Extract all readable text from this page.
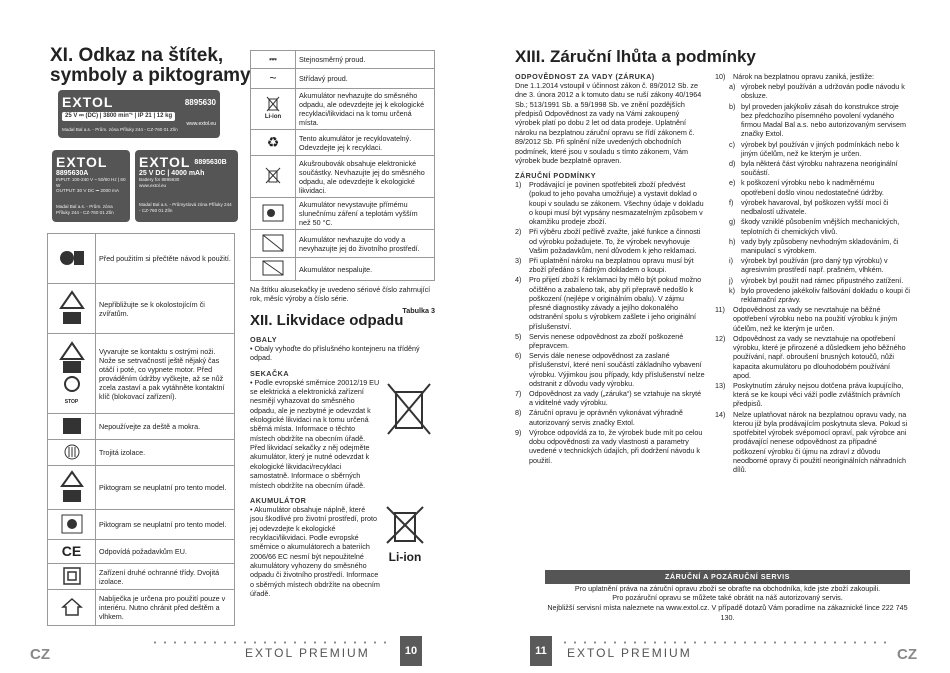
XI. Odkaz na štítek, symboly a piktogramy
EXTOL	8895630
25 V ⎓ (DC) | 3800 min⁻¹ | IP 21 | 12 kg
www.extol.eu
Madal Bal a.s. - Prům. zóna Příluky 244 - CZ-760 01 Zlín
EXTOL
8895630A
INPUT: 100-240 V ~ 50/60 Hz | 60 W
OUTPUT: 30 V DC ⎓ 2000 mA
Madal Bal a.s. - Prům. zóna Příluky 244 - CZ-760 01 Zlín
EXTOL 8895630B
25 V DC | 4000 mAh
Battery for 8895630
www.extol.eu
Madal Bal a.s. - Průmyslová zóna Příluky 244 - CZ-760 01 Zlín
	Před použitím si přečtěte návod k použití.
	Nepřibližujte se k okolostojícím či zvířatům.

STOP	Vyvarujte se kontaktu s ostrými noži. Nože se setrvačností ještě nějaký čas otáčí i poté, co vypnete motor. Před prováděním údržby vyčkejte, až se nůž zcela zastaví a pak vytáhněte kontaktní klíč (blokovací zařízení).
	Nepoužívejte za deště a mokra.
	Trojitá izolace.
	Piktogram se neuplatní pro tento model.
	Piktogram se neuplatní pro tento model.
CE	Odpovídá požadavkům EU.
	Zařízení druhé ochranné třídy. Dvojitá izolace.
	Nabíječka je určena pro použití pouze v interiéru. Nutno chránit před deštěm a vlhkem.
⎓	Stejnosměrný proud.
~	Střídavý proud.

Li-ion	Akumulátor nevhazujte do směsného odpadu, ale odevzdejte jej k ekologické recyklaci/likvidaci na k tomu určená místa.
♻	Tento akumulátor je recyklovatelný. Odevzdejte jej k recyklaci.
	Akušroubovák obsahuje elektronické součástky. Nevhazujte jej do směsného odpadu, ale odevzdejte k ekologické likvidaci.
	Akumulátor nevystavujte přímému slunečnímu záření a teplotám vyšším než 50 °C.
	Akumulátor nevhazujte do vody a nevyhazujte jej do životního prostředí.
	Akumulátor nespalujte.
Na štítku akusekačky je uvedeno sériové číslo zahrnující rok, měsíc výroby a číslo série.
Tabulka 3
XII. Likvidace odpadu
OBALY
• Obaly vyhoďte do příslušného kontejneru na tříděný odpad.
SEKAČKA
• Podle evropské směrnice 20012/19 EU se elektrická a elektronická zařízení nesmějí vyhazovat do směsného odpadu, ale je nezbytné je odevzdat k ekologické likvidaci na k tomu určená sběrná místa. Informace o těchto místech obdržíte na obecním úřadě. Před likvidací sekačky z něj odejměte akumulátor, který je nutné odevzdat k ekologické likvidaci/recyklaci samostatně. Informace o sběrných místech obdržíte na obecním úřadě.
AKUMULÁTOR
• Akumulátor obsahuje náplně, které jsou škodlivé pro životní prostředí, proto jej odevzdejte k ekologické recyklaci/likvidaci. Podle evropské směrnice o akumulátorech a bateriích 2006/66 EC nesmí být nepoužitelné akumulátory vyhozeny do směsného odpadu či životního prostředí. Informace o sběrných místech obdržíte na obecním úřadě.
Li-ion
CZ	EXTOL PREMIUM	10
XIII. Záruční lhůta a podmínky
ODPOVĚDNOST ZA VADY (ZÁRUKA)
Dne 1.1.2014 vstoupil v účinnost zákon č. 89/2012 Sb. ze dne 3. února 2012 a k tomuto datu se ruší zákony 40/1964 Sb.; 513/1991 Sb. a 59/1998 Sb. ve znění pozdějších předpisů Odpovědnost za vady na Vámi zakoupený výrobek platí po dobu 2 let od data prodeje. Uplatnění nároku na bezplatnou záruční opravu se řídí zákonem č. 89/2012 Sb. Při splnění níže uvedených obchodních podmínek, které jsou v souladu s tímto zákonem, Vám výrobek bude bezplatně opraven.
ZÁRUČNÍ PODMÍNKY
1)	Prodávající je povinen spotřebiteli zboží předvést (pokud to jeho povaha umožňuje) a vystavit doklad o koupi v souladu se zákonem. Všechny údaje v dokladu o koupi musí být vypsány nesmazatelným způsobem v okamžiku prodeje zboží.
2)	Při výběru zboží pečlivě zvažte, jaké funkce a činnosti od výrobku požadujete. To, že výrobek nevyhovuje Vašim požadavkům, není důvodem k jeho reklamaci.
3)	Při uplatnění nároku na bezplatnou opravu musí být zboží předáno s řádným dokladem o koupi.
4)	Pro přijetí zboží k reklamaci by mělo být pokud možno očištěno a zabaleno tak, aby při přepravě nedošlo k poškození (nejlépe v originálním obalu). V zájmu přesné diagnostiky závady a jejího dokonalého odstranění spolu s výrobkem zašlete i jeho originální příslušenství.
5)	Servis nenese odpovědnost za zboží poškozené přepravcem.
6)	Servis dále nenese odpovědnost za zaslané příslušenství, které není součástí základního vybavení výrobku. Výjimkou jsou případy, kdy příslušenství nelze odstranit z důvodu vady výrobku.
7)	Odpovědnost za vady („záruka“) se vztahuje na skryté a viditelné vady výrobku.
8)	Záruční opravu je oprávněn vykonávat výhradně autorizovaný servis značky Extol.
9)	Výrobce odpovídá za to, že výrobek bude mít po celou dobu odpovědnosti za vady vlastnosti a parametry uvedené v technických údajích, při dodržení návodu k použití.
10)	Nárok na bezplatnou opravu zaniká, jestliže:
a) výrobek nebyl používán a udržován podle návodu k obsluze.
b) byl proveden jakýkoliv zásah do konstrukce stroje bez předchozího písemného povolení vydaného firmou Madal Bal a.s. nebo autorizovaným servisem značky Extol.
c) výrobek byl používán v jiných podmínkách nebo k jiným účelům, než ke kterým je určen.
d) byla některá část výrobku nahrazena neoriginální součástí.
e) k poškození výrobku nebo k nadměrnému opotřebení došlo vinou nedostatečné údržby.
f)	výrobek havaroval, byl poškozen vyšší mocí či nedbalostí uživatele.
g) škody vzniklé působením vnějších mechanických, teplotních či chemických vlivů.
h) vady byly způsobeny nevhodným skladováním, či manipulací s výrobkem.
i)	výrobek byl používán (pro daný typ výrobku) v agresivním prostředí např. prašném, vlhkém.
j)	výrobek byl použit nad rámec připustného zatížení.
k) bylo provedeno jakékoliv falšování dokladu o koupi či reklamační zprávy.
11)	Odpovědnost za vady se nevztahuje na běžné opotřebení výrobku nebo na použití výrobku k jiným účelům, než ke kterým je určen.
12)	Odpovědnost za vady se nevztahuje na opotřebení výrobku, které je přirozené a důsledkem jeho běžného používání, např. obroušení brusných kotoučů, nůži kapacita akumulátoru po dlouhodobém používání apod.
13)	Poskytnutím záruky nejsou dotčena práva kupujícího, která se ke koupi věci váží podle zvláštních právních předpisů.
14)	Nelze uplatňovat nárok na bezplatnou opravu vady, na kterou již byla prodávajícím poskytnuta sleva. Pokud si spotřebitel výrobek svépomocí opraví, pak výrobce ani prodávající nenese odpovědnost za případné poškození výrobku či újmu na zdraví z důvodu neodborné opravy či použití neoriginálních náhradních dílů.
ZÁRUČNÍ A POZÁRUČNÍ SERVIS
Pro uplatnění práva na záruční opravu zboží se obraťte na obchodníka, kde jste zboží zakoupili.
Pro pozáruční opravu se můžete také obrátit na náš autorizovaný servis.
Nejbližší servisní místa naleznete na www.extol.cz. V případě dotazů Vám poradíme na zákaznické lince 222 745 130.
11	EXTOL PREMIUM	CZ
